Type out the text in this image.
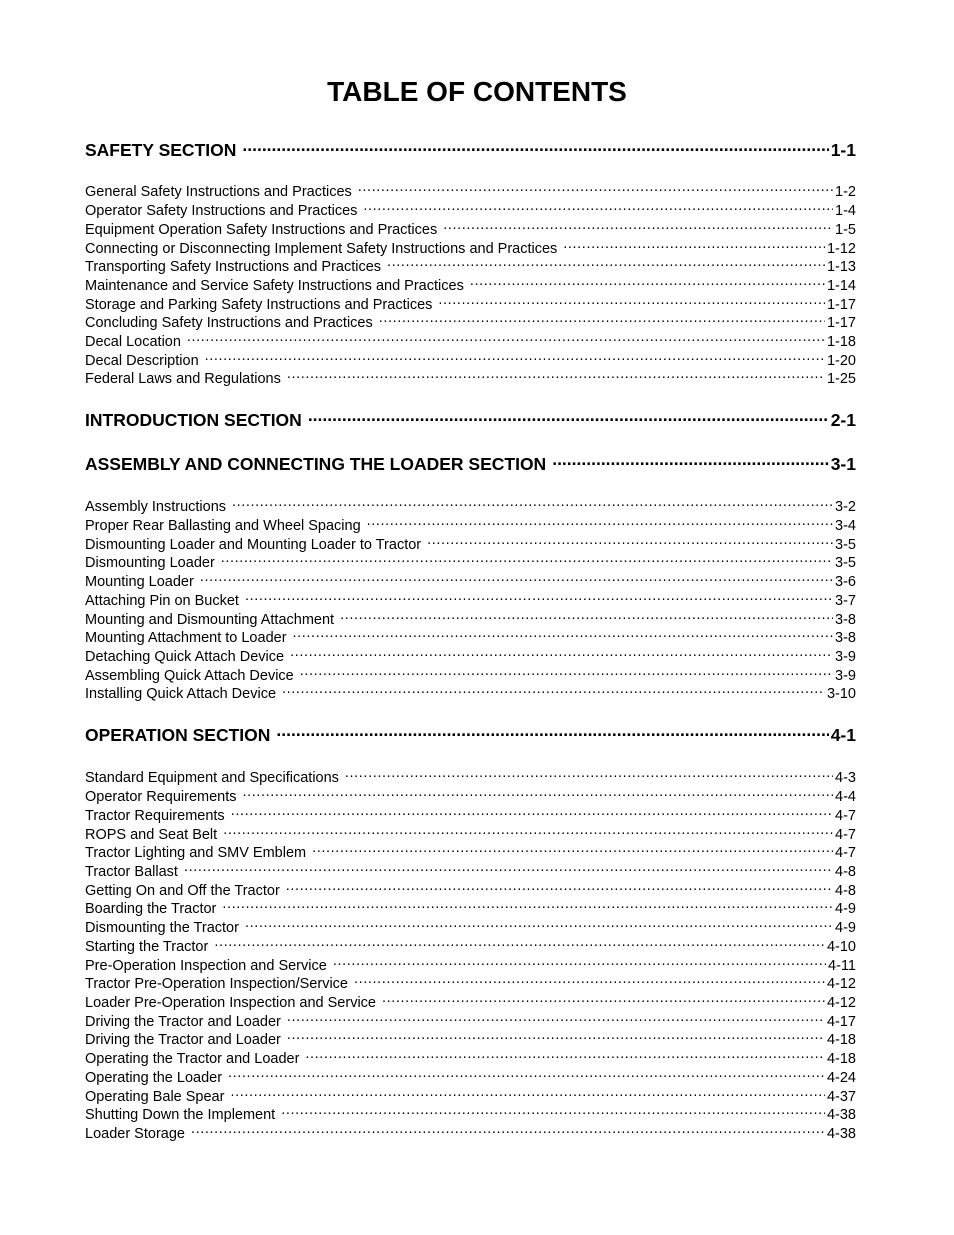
TABLE OF CONTENTS
SAFETY SECTION .....	1-1
General Safety Instructions and Practices .....	1-2
Operator Safety Instructions and Practices .....	1-4
Equipment Operation Safety Instructions and Practices .....	1-5
Connecting or Disconnecting Implement Safety Instructions and Practices .....	1-12
Transporting Safety Instructions and Practices .....	1-13
Maintenance and Service Safety Instructions and Practices .....	1-14
Storage and Parking Safety Instructions and Practices .....	1-17
Concluding Safety Instructions and Practices .....	1-17
Decal Location .....	1-18
Decal Description .....	1-20
Federal Laws and Regulations .....	1-25
INTRODUCTION SECTION .....	2-1
ASSEMBLY AND CONNECTING THE LOADER SECTION .....	3-1
Assembly Instructions .....	3-2
Proper Rear Ballasting and Wheel Spacing .....	3-4
Dismounting Loader and Mounting Loader to Tractor .....	3-5
Dismounting Loader .....	3-5
Mounting Loader .....	3-6
Attaching Pin on Bucket .....	3-7
Mounting and Dismounting Attachment .....	3-8
Mounting Attachment to Loader .....	3-8
Detaching Quick Attach Device .....	3-9
Assembling Quick Attach Device .....	3-9
Installing Quick Attach Device .....	3-10
OPERATION SECTION .....	4-1
Standard Equipment and Specifications .....	4-3
Operator Requirements .....	4-4
Tractor Requirements .....	4-7
ROPS and Seat Belt .....	4-7
Tractor Lighting and SMV Emblem .....	4-7
Tractor Ballast .....	4-8
Getting On and Off the Tractor .....	4-8
Boarding the Tractor .....	4-9
Dismounting the Tractor .....	4-9
Starting the Tractor .....	4-10
Pre-Operation Inspection and Service .....	4-11
Tractor Pre-Operation Inspection/Service .....	4-12
Loader Pre-Operation Inspection and Service .....	4-12
Driving the Tractor and Loader .....	4-17
Driving the Tractor and Loader .....	4-18
Operating the Tractor and Loader .....	4-18
Operating the Loader .....	4-24
Operating Bale Spear .....	4-37
Shutting Down the Implement .....	4-38
Loader Storage .....	4-38
